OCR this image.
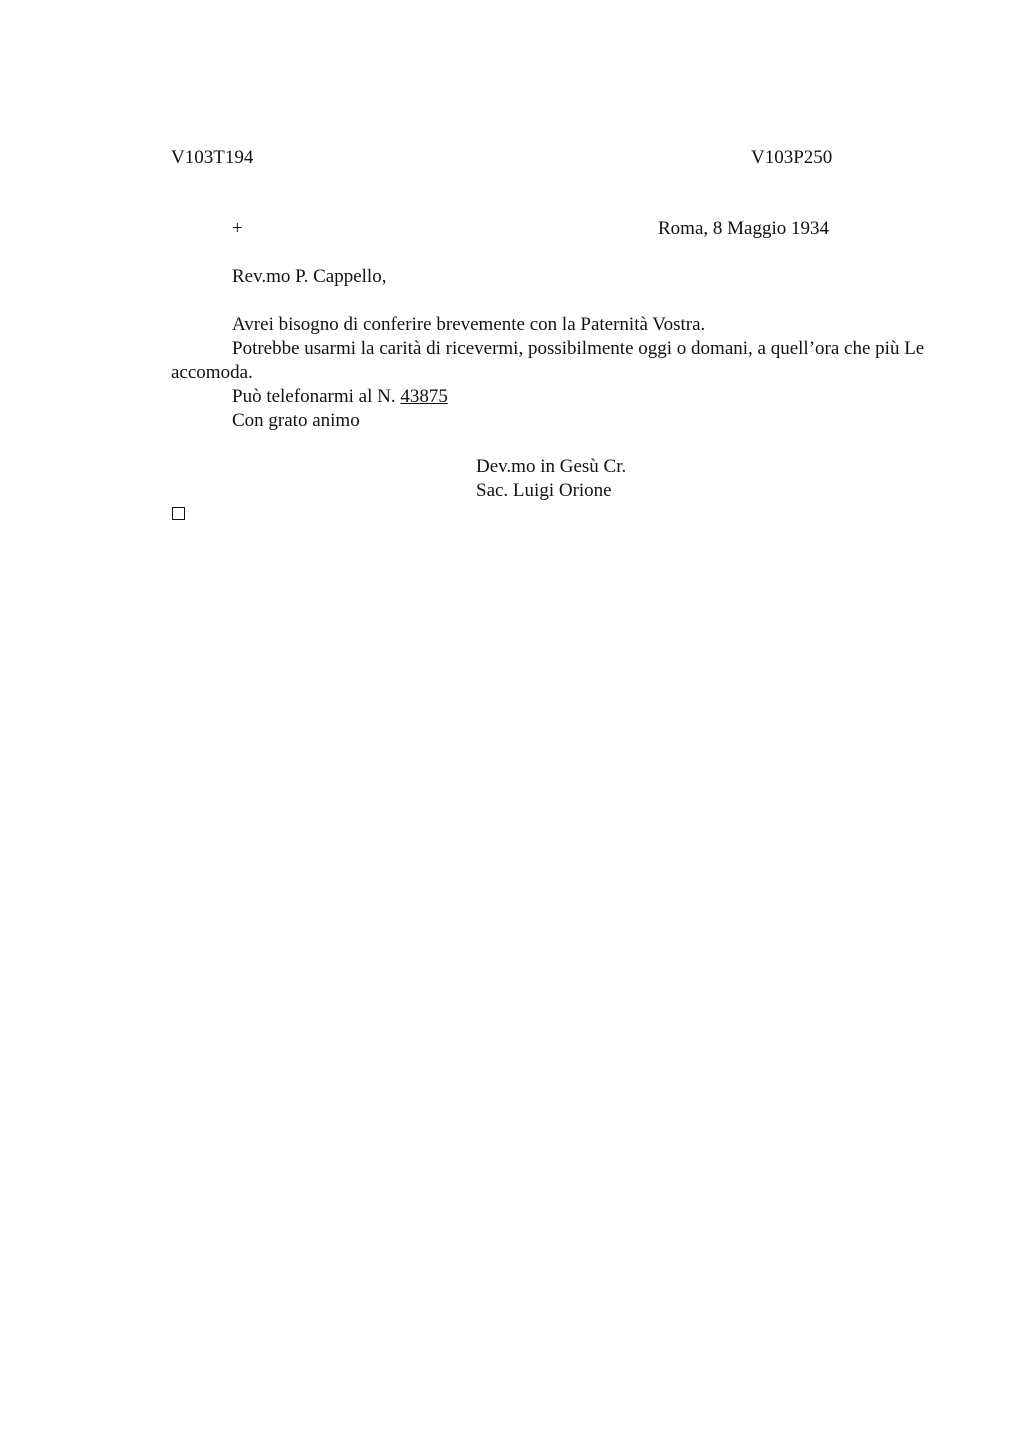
V103T194	V103P250
+	Roma, 8 Maggio 1934
Rev.mo P. Cappello,

Avrei bisogno di conferire brevemente con la Paternità Vostra.

Potrebbe usarmi la carità di ricevermi, possibilmente oggi o domani, a quell’ora che più Le accomoda.

Può telefonarmi al N. 43875

Con grato animo

Dev.mo in Gesù Cr.
Sac. Luigi Orione
